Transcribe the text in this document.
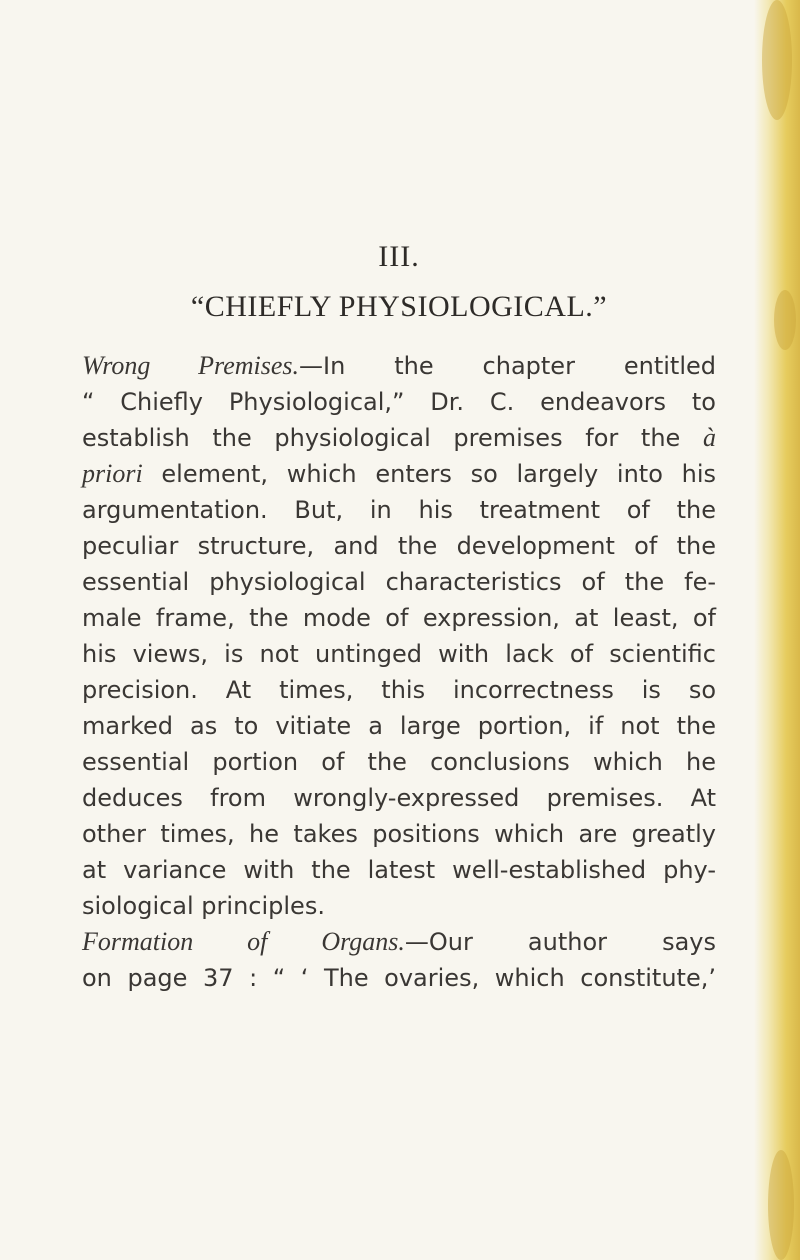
III.

“CHIEFLY PHYSIOLOGICAL.”

Wrong Premises.—In the chapter entitled
“ Chiefly Physiological,” Dr. C. endeavors to
establish the physiological premises for the à
priori element, which enters so largely into his
argumentation. But, in his treatment of the
peculiar structure, and the development of the
essential physiological characteristics of the fe-
male frame, the mode of expression, at least, of
his views, is not untinged with lack of scientific
precision. At times, this incorrectness is so
marked as to vitiate a large portion, if not the
essential portion of the conclusions which he
deduces from wrongly-expressed premises. At
other times, he takes positions which are greatly
at variance with the latest well-established phy-
siological principles.
Formation of Organs.—Our author says
on page 37 : “ ‘ The ovaries, which constitute,’
